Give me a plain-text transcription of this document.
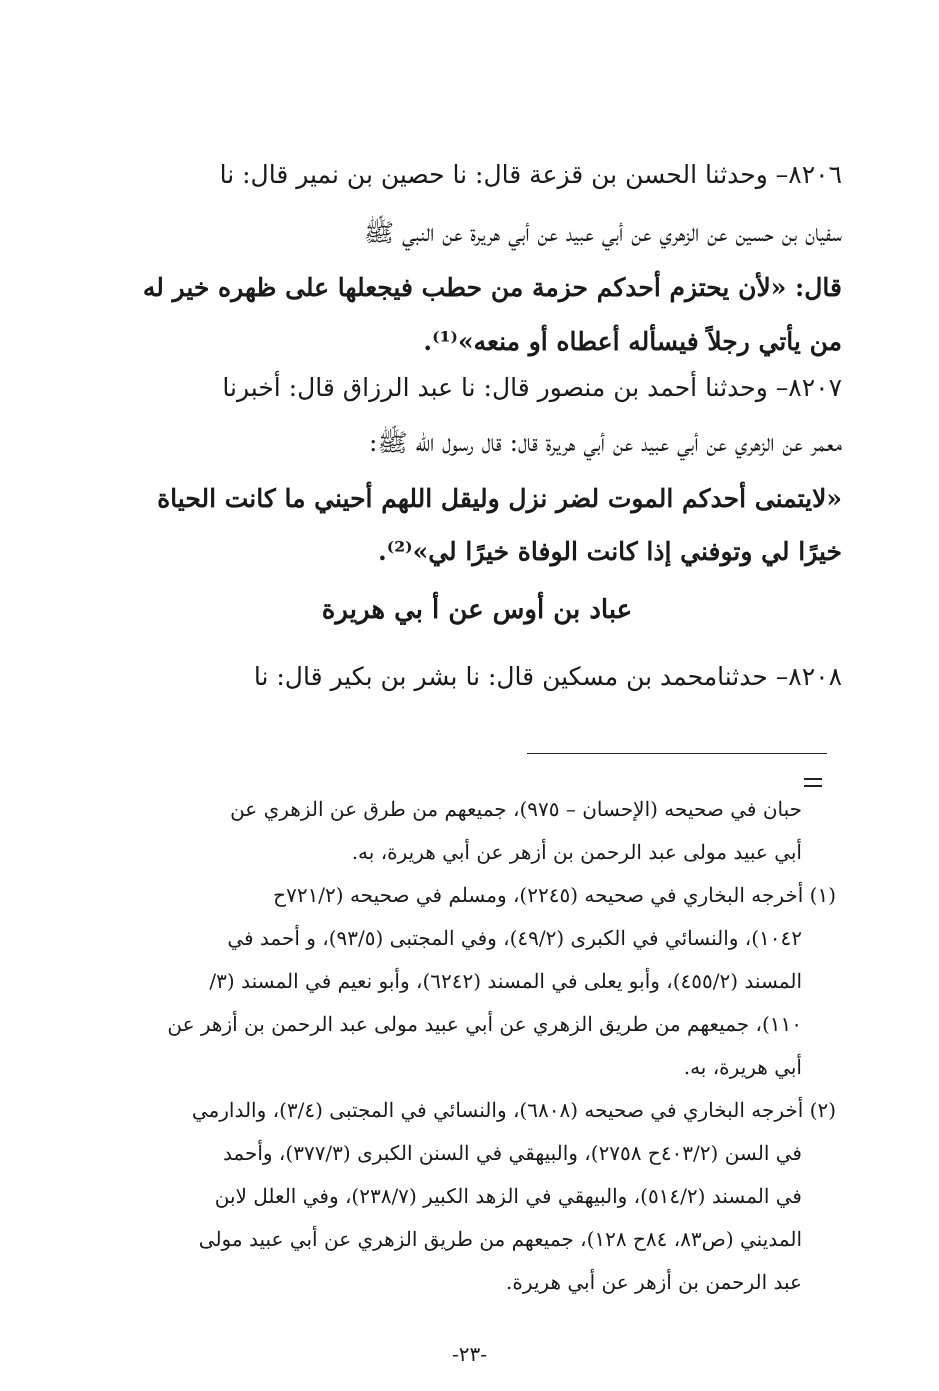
٨٢٠٦– وحدثنا الحسن بن قزعة قال: نا حصين بن نمير قال: نا
سفيان بن حسين عن الزهري عن أبي عبيد عن أبي هريرة عن النبي ﷺ
قال: «لأن يحتزم أحدكم حزمة من حطب فيجعلها على ظهره خير له
من يأتي رجلاً فيسأله أعطاه أو منعه»⁽¹⁾.
٨٢٠٧– وحدثنا أحمد بن منصور قال: نا عبد الرزاق قال: أخبرنا
معمر عن الزهري عن أبي عبيد عن أبي هريرة قال: قال رسول الله ﷺ:
«لايتمنى أحدكم الموت لضر نزل وليقل اللهم أحيني ما كانت الحياة
خيرًا لي وتوفني إذا كانت الوفاة خيرًا لي»⁽²⁾.
عباد بن أوس عن أ بي هريرة
٨٢٠٨– حدثنامحمد بن مسكين قال: نا بشر بن بكير قال: نا
حبان في صحيحه (الإحسان – ٩٧٥)، جميعهم من طرق عن الزهري عن
أبي عبيد مولى عبد الرحمن بن أزهر عن أبي هريرة، به.
(١) أخرجه البخاري في صحيحه (٢٢٤٥)، ومسلم في صحيحه (٧٢١/٢ح
١٠٤٢)، والنسائي في الكبرى (٤٩/٢)، وفي المجتبى (٩٣/٥)، و أحمد في
المسند (٤٥٥/٢)، وأبو يعلى في المسند (٦٢٤٢)، وأبو نعيم في المسند (٣/
١١٠)، جميعهم من طريق الزهري عن أبي عبيد مولى عبد الرحمن بن أزهر عن
أبي هريرة، به.
(٢) أخرجه البخاري في صحيحه (٦٨٠٨)، والنسائي في المجتبى (٣/٤)، والدارمي
في السن (٤٠٣/٢ح ٢٧٥٨)، والبيهقي في السنن الكبرى (٣٧٧/٣)، وأحمد
في المسند (٥١٤/٢)، والبيهقي في الزهد الكبير (٢٣٨/٧)، وفي العلل لابن
المديني (ص٨٣، ٨٤ح ١٢٨)، جميعهم من طريق الزهري عن أبي عبيد مولى
عبد الرحمن بن أزهر عن أبي هريرة.
-٢٣-
